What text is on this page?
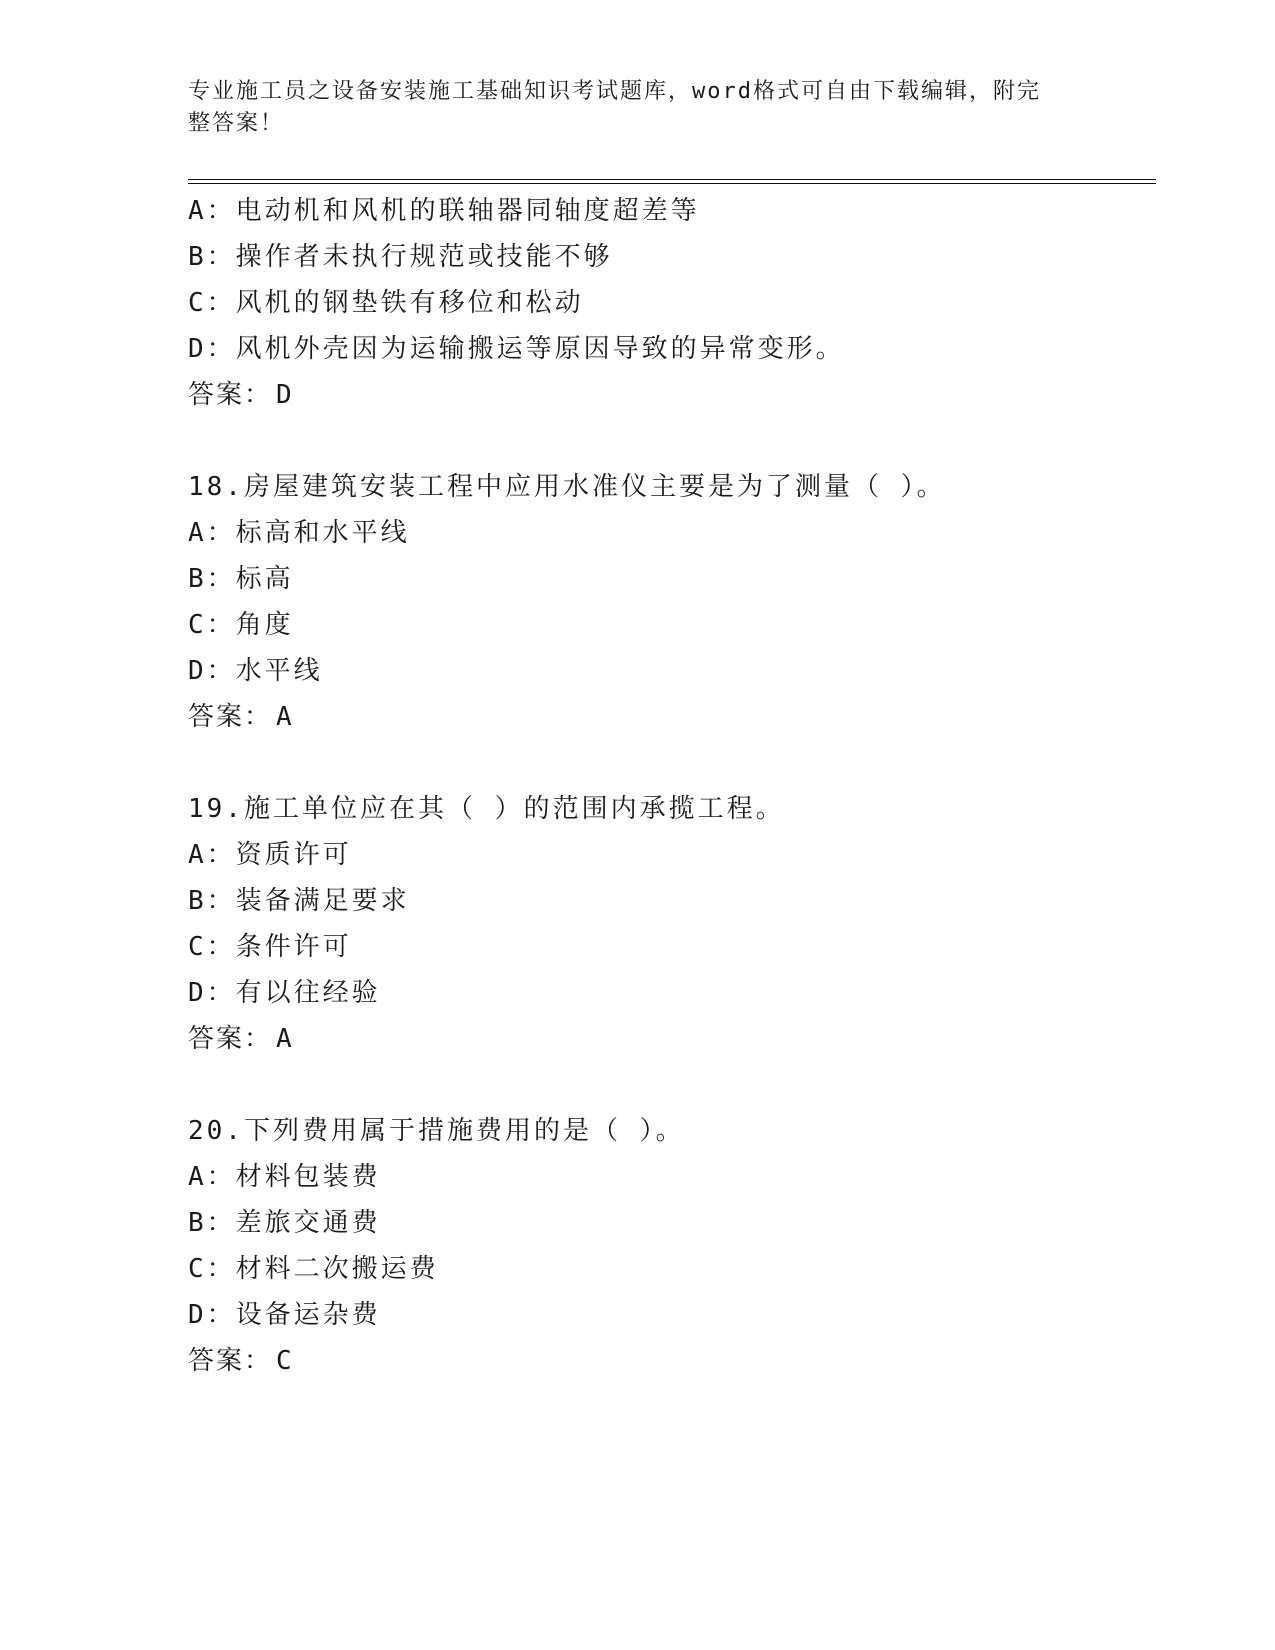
专业施工员之设备安装施工基础知识考试题库，word格式可自由下载编辑，附完
整答案！
A：电动机和风机的联轴器同轴度超差等
B：操作者未执行规范或技能不够
C：风机的钢垫铁有移位和松动
D：风机外壳因为运输搬运等原因导致的异常变形。
答案： D
18.房屋建筑安装工程中应用水准仪主要是为了测量（ ）。
A：标高和水平线
B：标高
C：角度
D：水平线
答案： A
19.施工单位应在其（ ）的范围内承揽工程。
A：资质许可
B：装备满足要求
C：条件许可
D：有以往经验
答案： A
20.下列费用属于措施费用的是（ ）。
A：材料包装费
B：差旅交通费
C：材料二次搬运费
D：设备运杂费
答案： C
